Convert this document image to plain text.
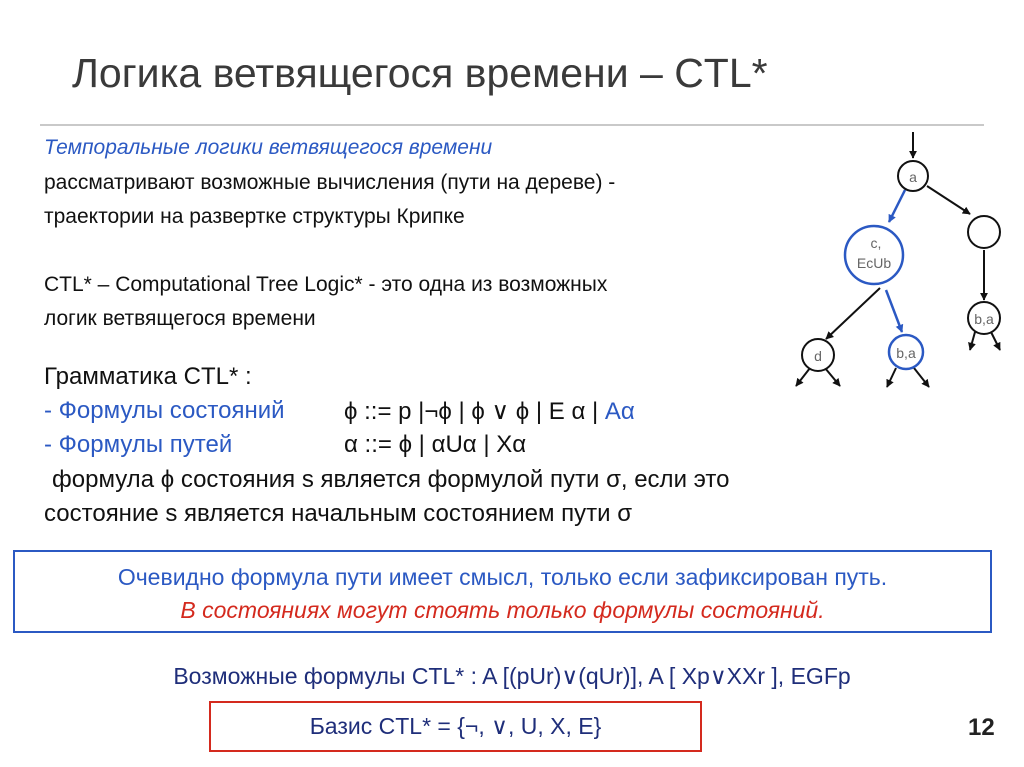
Логика ветвящегося времени – CTL*
Темпоральные логики ветвящегося времени
рассматривают возможные вычисления (пути на дереве) -
траектории на развертке структуры Крипке
CTL* – Computational Tree Logic* - это одна из возможных
логик ветвящегося времени
Грамматика CTL* :
- Формулы состояний ϕ ::= p |¬ϕ | ϕ ∨ ϕ | E α | Aα
- Формулы путей	α ::= ϕ | αUα | Xα
формула ϕ состояния s является формулой пути σ, если это
состояние s является начальным состоянием пути σ
Очевидно формула пути имеет смысл, только если зафиксирован путь.
В состояниях могут стоять только формулы состояний.
Возможные формулы CTL* : A [(pUr)∨(qUr)], A [ Xp∨XXr ], EGFp
Базис CTL* = {¬, ∨, U, X, E}	12
a
c,
EcUb
b,a
d	b,a
